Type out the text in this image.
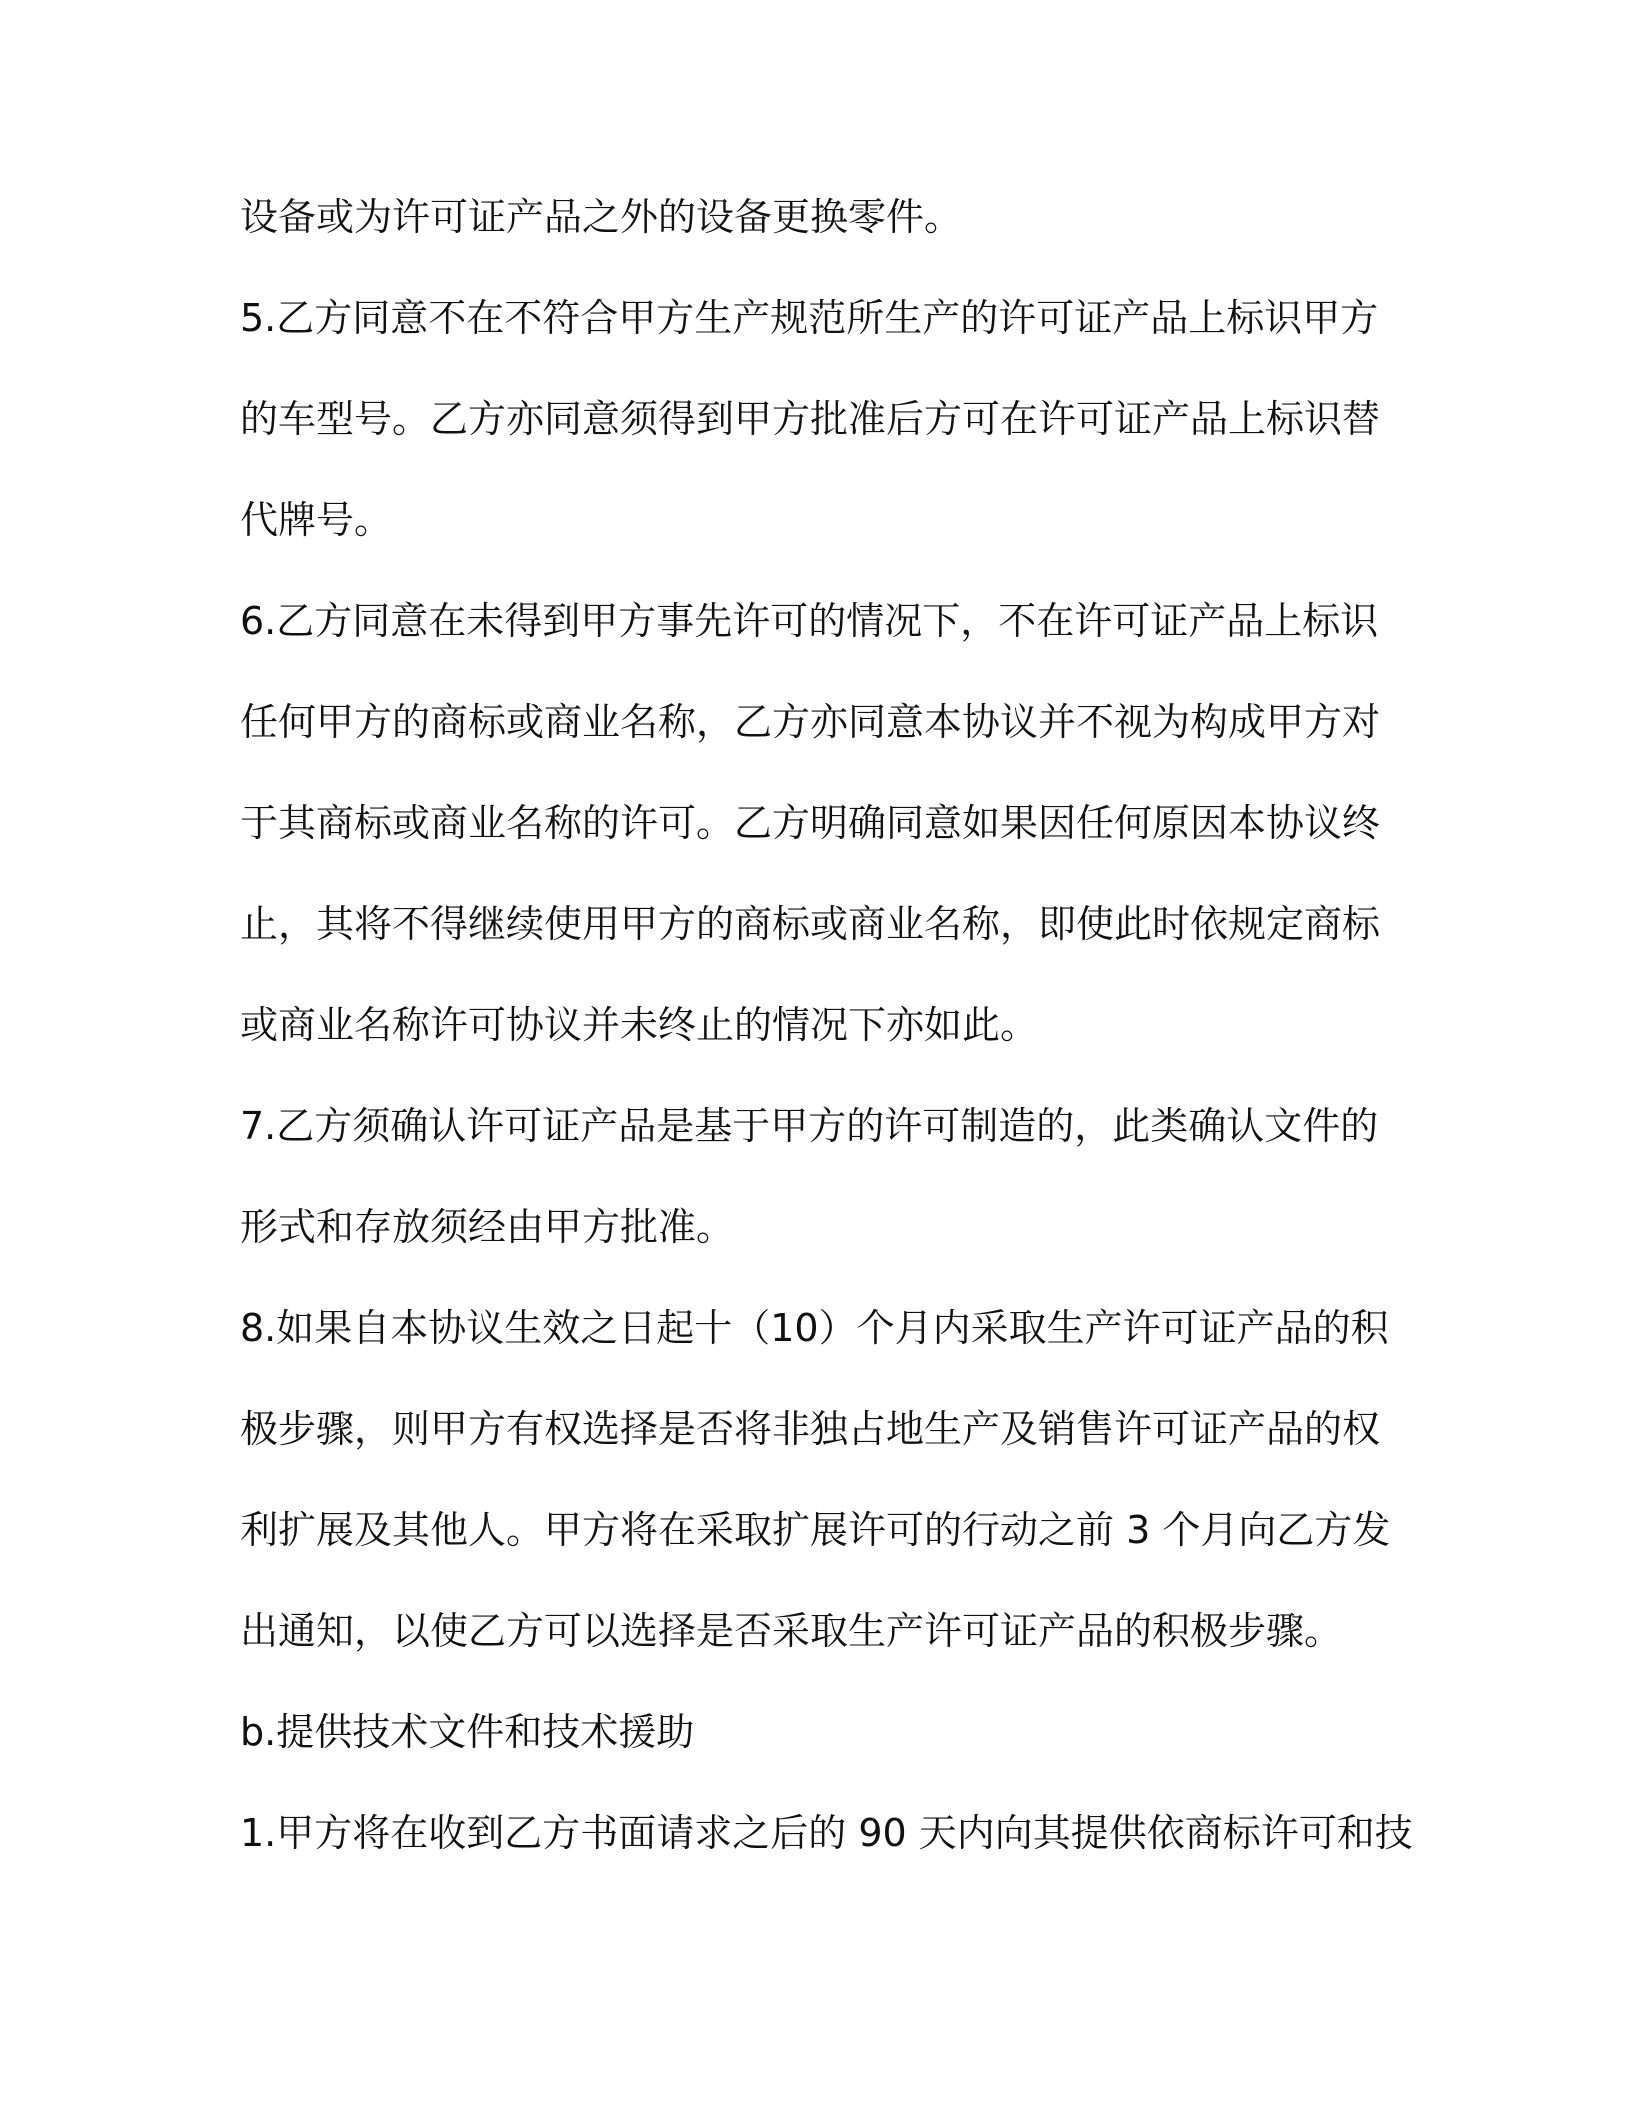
设备或为许可证产品之外的设备更换零件。
5.乙方同意不在不符合甲方生产规范所生产的许可证产品上标识甲方
的车型号。乙方亦同意须得到甲方批准后方可在许可证产品上标识替
代牌号。
6.乙方同意在未得到甲方事先许可的情况下，不在许可证产品上标识
任何甲方的商标或商业名称，乙方亦同意本协议并不视为构成甲方对
于其商标或商业名称的许可。乙方明确同意如果因任何原因本协议终
止，其将不得继续使用甲方的商标或商业名称，即使此时依规定商标
或商业名称许可协议并未终止的情况下亦如此。
7.乙方须确认许可证产品是基于甲方的许可制造的，此类确认文件的
形式和存放须经由甲方批准。
8.如果自本协议生效之日起十（10）个月内采取生产许可证产品的积
极步骤，则甲方有权选择是否将非独占地生产及销售许可证产品的权
利扩展及其他人。甲方将在采取扩展许可的行动之前 3 个月向乙方发
出通知，以使乙方可以选择是否采取生产许可证产品的积极步骤。
b.提供技术文件和技术援助
1.甲方将在收到乙方书面请求之后的 90 天内向其提供依商标许可和技
